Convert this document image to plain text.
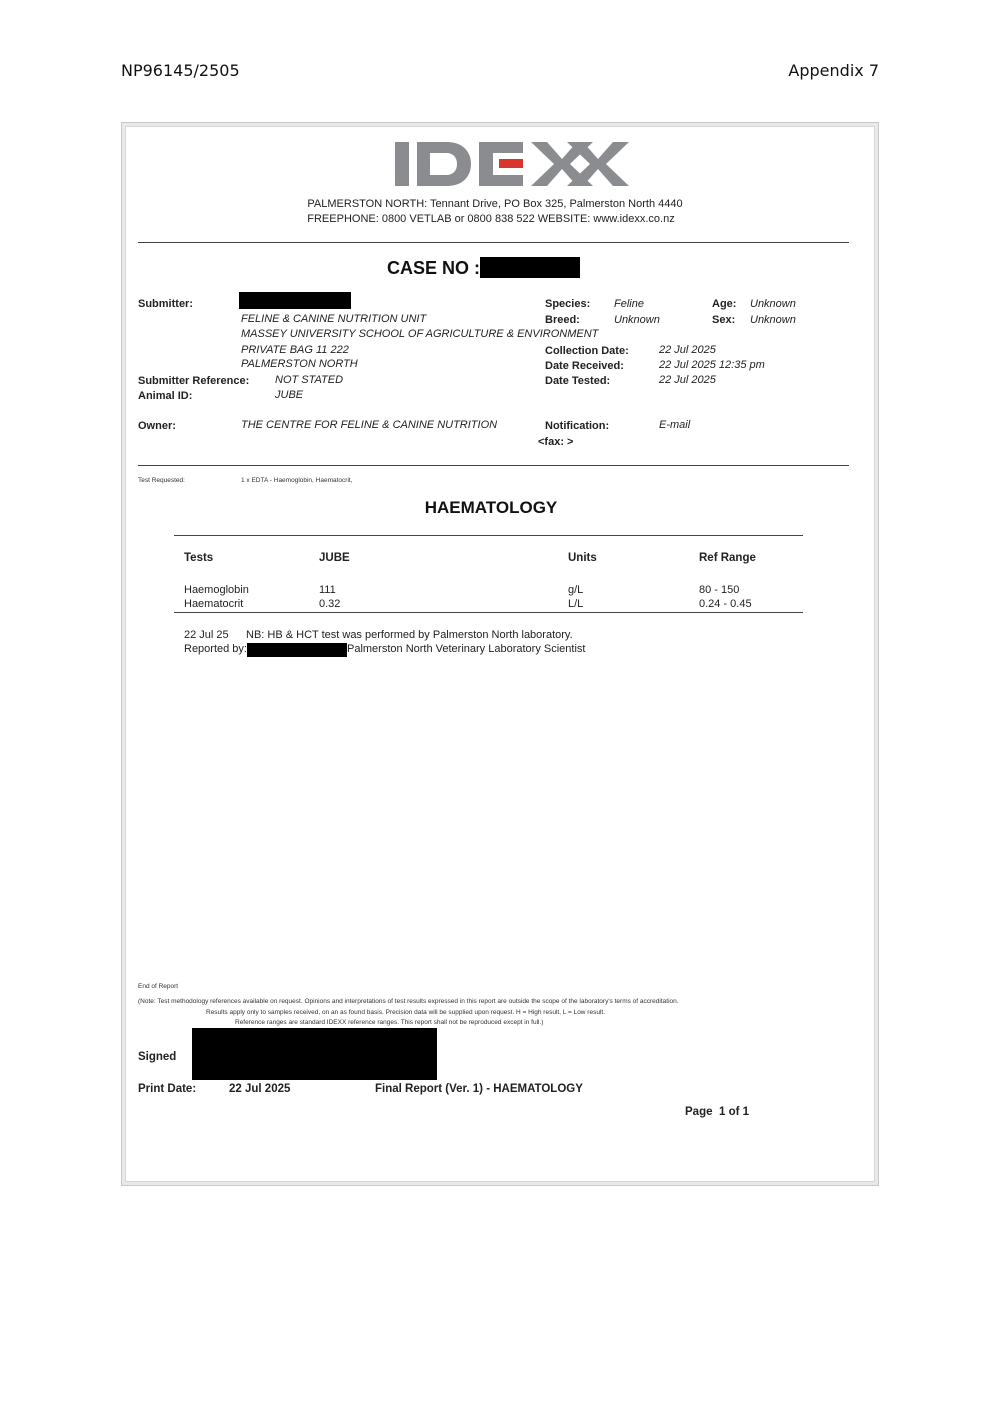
NP96145/2505	Appendix 7
PALMERSTON NORTH: Tennant Drive, PO Box 325, Palmerston North 4440
FREEPHONE: 0800 VETLAB or 0800 838 522 WEBSITE: www.idexx.co.nz
CASE NO :
Submitter:
FELINE & CANINE NUTRITION UNIT
MASSEY UNIVERSITY SCHOOL OF AGRICULTURE & ENVIRONMENT
PRIVATE BAG 11 222
PALMERSTON NORTH
Submitter Reference: NOT STATED
Animal ID:	JUBE
Owner:	THE CENTRE FOR FELINE & CANINE NUTRITION
Species: Feline	Age: Unknown
Breed:	Unknown	Sex: Unknown
Collection Date:	22 Jul 2025
Date Received:	22 Jul 2025 12:35 pm
Date Tested:	22 Jul 2025
Notification:	E-mail
<fax: >
Test Requested:	1 x EDTA - Haemoglobin, Haematocrit,
HAEMATOLOGY
Tests	JUBE	Units	Ref Range
Haemoglobin	111	g/L	80 - 150
Haematocrit	0.32	L/L	0.24 - 0.45
22 Jul 25 NB: HB & HCT test was performed by Palmerston North laboratory.
Reported by:	Palmerston North Veterinary Laboratory Scientist
End of Report
(Note: Test methodology references available on request. Opinions and interpretations of test results expressed in this report are outside the scope of the laboratory's terms of accreditation.
Results apply only to samples received, on an as found basis. Precision data will be supplied upon request. H = High result, L = Low result.
Reference ranges are standard IDEXX reference ranges. This report shall not be reproduced except in full.)
Signed
Print Date:	22 Jul 2025	Final Report (Ver. 1) - HAEMATOLOGY
Page 1 of 1
